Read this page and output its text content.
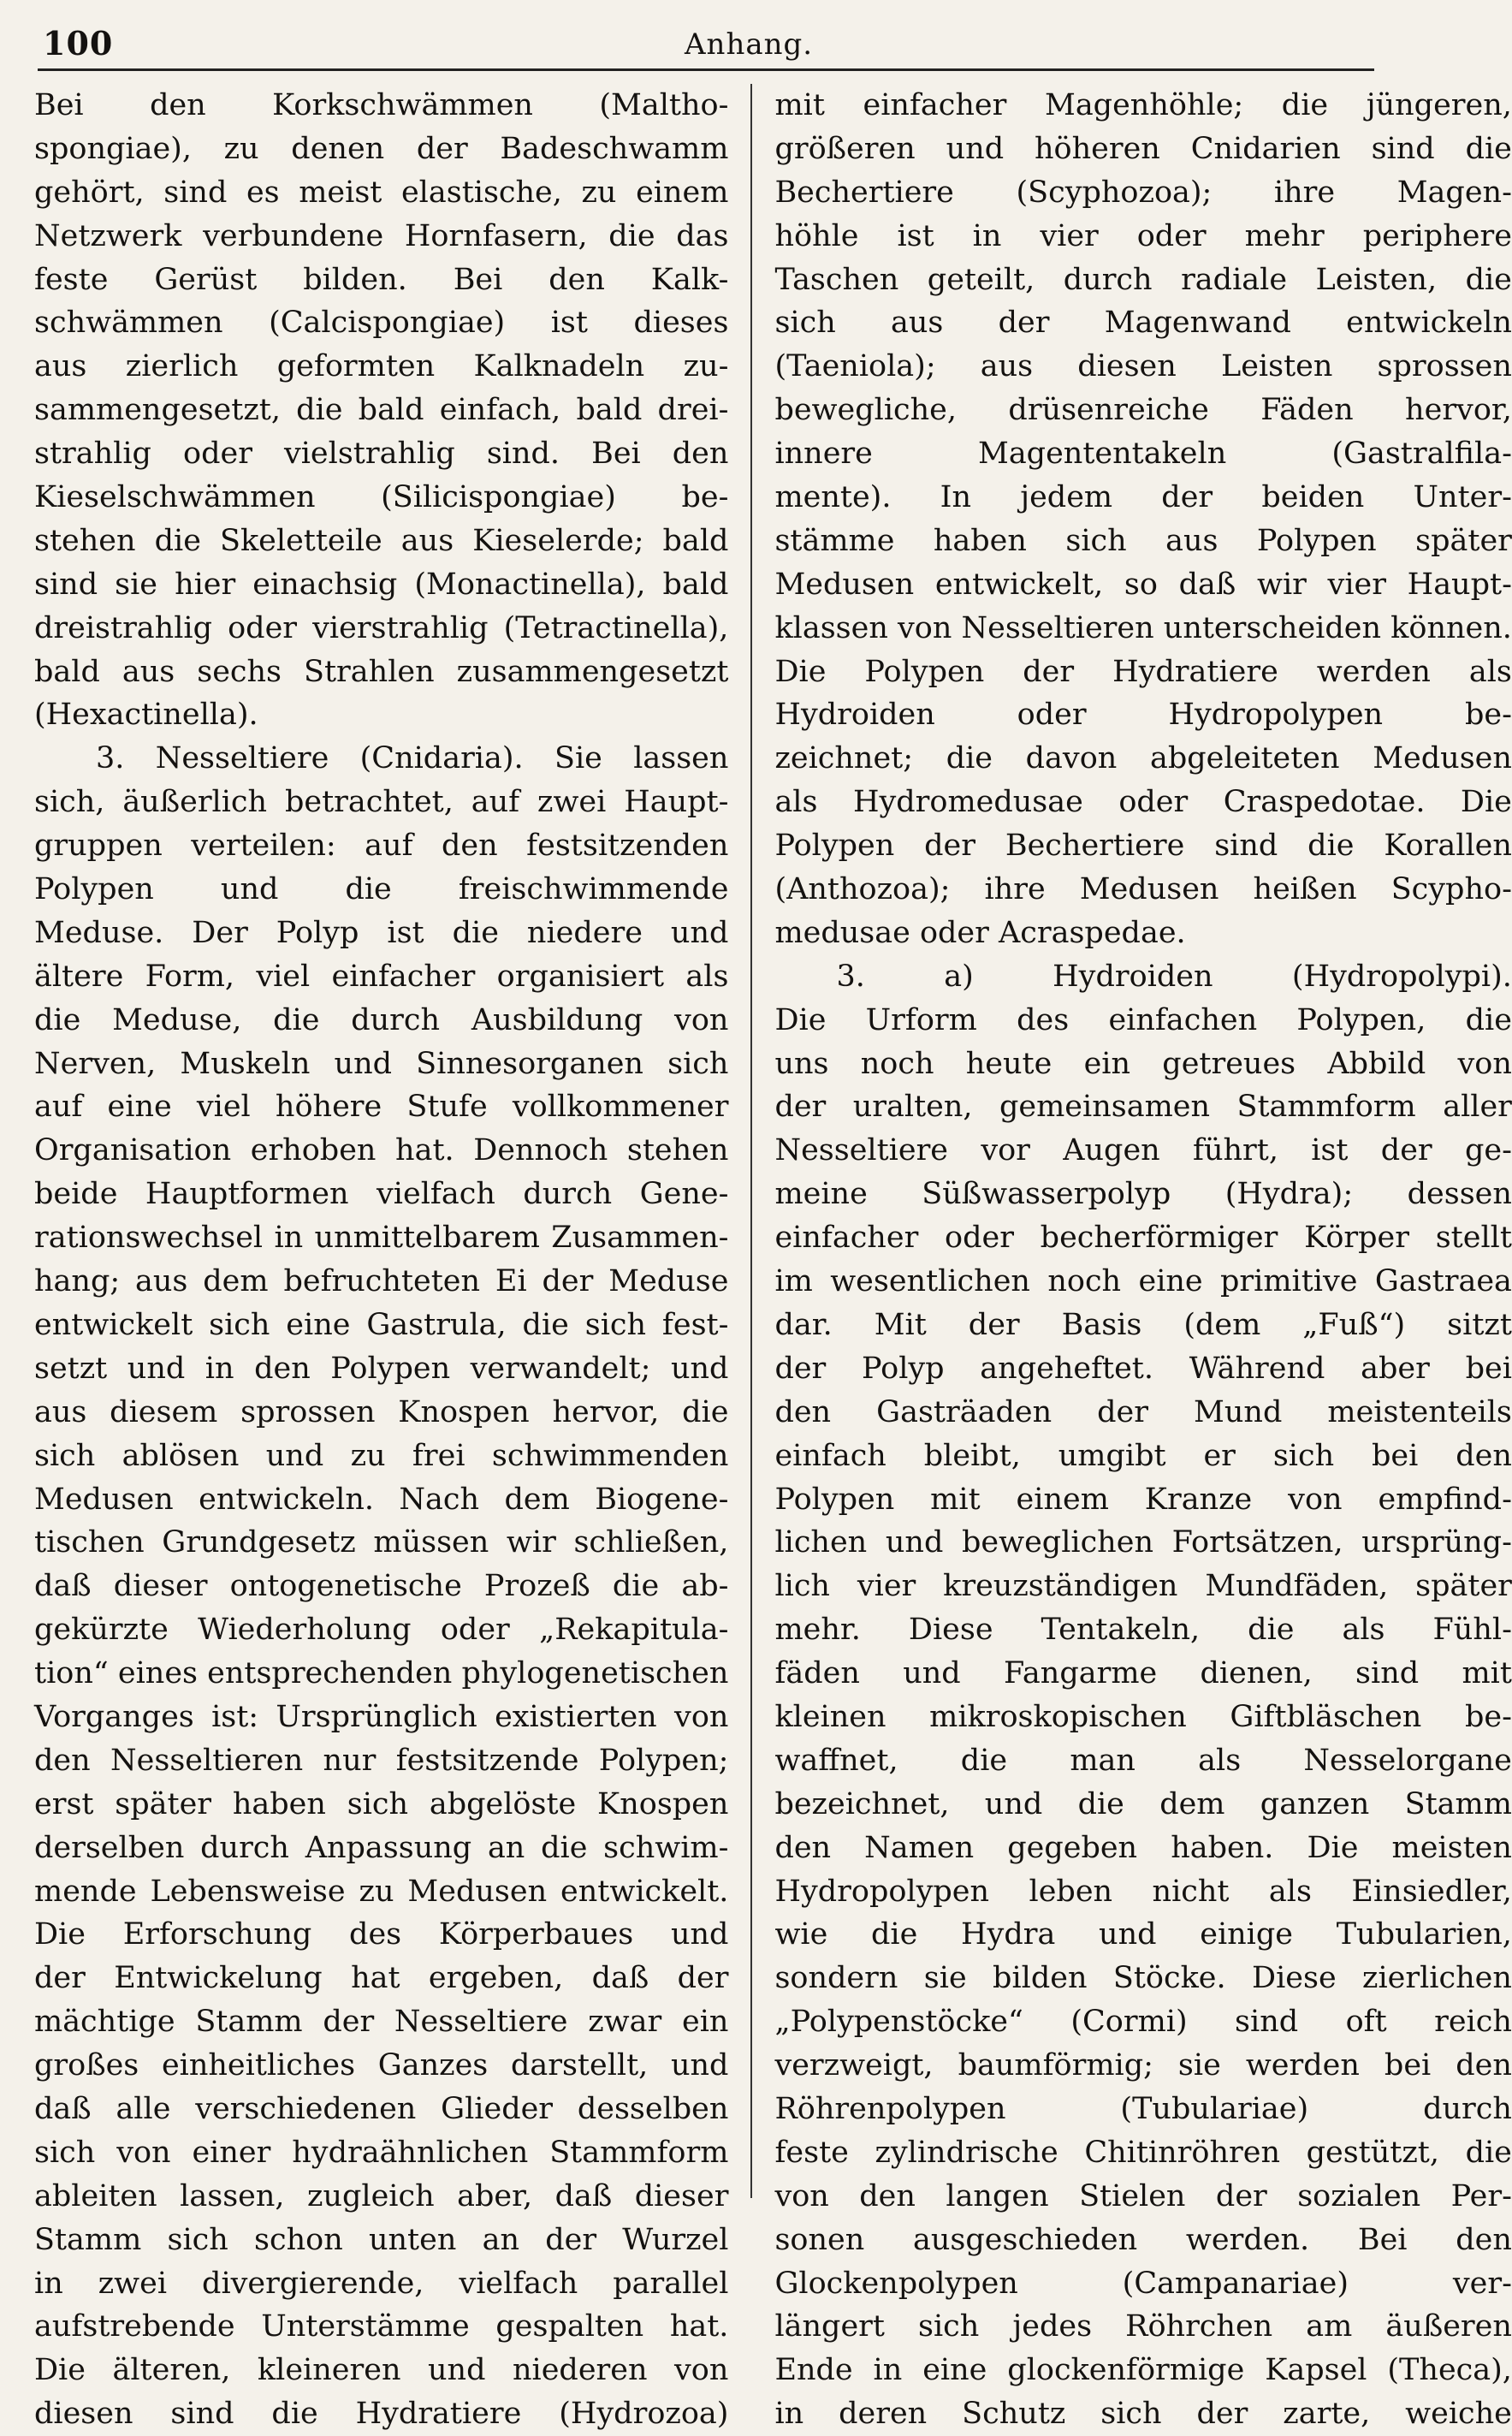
100	Anhang.
Bei den Korkschwämmen (Maltho-
spongiae), zu denen der Badeschwamm
gehört, sind es meist elastische, zu einem
Netzwerk verbundene Hornfasern, die das
feste Gerüst bilden. Bei den Kalk-
schwämmen (Calcispongiae) ist dieses
aus zierlich geformten Kalknadeln zu-
sammengesetzt, die bald einfach, bald drei-
strahlig oder vielstrahlig sind. Bei den
Kieselschwämmen (Silicispongiae) be-
stehen die Skeletteile aus Kieselerde; bald
sind sie hier einachsig (Monactinella), bald
dreistrahlig oder vierstrahlig (Tetractinella),
bald aus sechs Strahlen zusammengesetzt
(Hexactinella).
3. Nesseltiere (Cnidaria). Sie lassen
sich, äußerlich betrachtet, auf zwei Haupt-
gruppen verteilen: auf den festsitzenden
Polypen und die freischwimmende
Meduse. Der Polyp ist die niedere und
ältere Form, viel einfacher organisiert als
die Meduse, die durch Ausbildung von
Nerven, Muskeln und Sinnesorganen sich
auf eine viel höhere Stufe vollkommener
Organisation erhoben hat. Dennoch stehen
beide Hauptformen vielfach durch Gene-
rationswechsel in unmittelbarem Zusammen-
hang; aus dem befruchteten Ei der Meduse
entwickelt sich eine Gastrula, die sich fest-
setzt und in den Polypen verwandelt; und
aus diesem sprossen Knospen hervor, die
sich ablösen und zu frei schwimmenden
Medusen entwickeln. Nach dem Biogene-
tischen Grundgesetz müssen wir schließen,
daß dieser ontogenetische Prozeß die ab-
gekürzte Wiederholung oder „Rekapitula-
tion“ eines entsprechenden phylogenetischen
Vorganges ist: Ursprünglich existierten von
den Nesseltieren nur festsitzende Polypen;
erst später haben sich abgelöste Knospen
derselben durch Anpassung an die schwim-
mende Lebensweise zu Medusen entwickelt.
Die Erforschung des Körperbaues und
der Entwickelung hat ergeben, daß der
mächtige Stamm der Nesseltiere zwar ein
großes einheitliches Ganzes darstellt, und
daß alle verschiedenen Glieder desselben
sich von einer hydraähnlichen Stammform
ableiten lassen, zugleich aber, daß dieser
Stamm sich schon unten an der Wurzel
in zwei divergierende, vielfach parallel
aufstrebende Unterstämme gespalten hat.
Die älteren, kleineren und niederen von
diesen sind die Hydratiere (Hydrozoa)
mit einfacher Magenhöhle; die jüngeren,
größeren und höheren Cnidarien sind die
Bechertiere (Scyphozoa); ihre Magen-
höhle ist in vier oder mehr periphere
Taschen geteilt, durch radiale Leisten, die
sich aus der Magenwand entwickeln
(Taeniola); aus diesen Leisten sprossen
bewegliche, drüsenreiche Fäden hervor,
innere Magententakeln (Gastralfila-
mente). In jedem der beiden Unter-
stämme haben sich aus Polypen später
Medusen entwickelt, so daß wir vier Haupt-
klassen von Nesseltieren unterscheiden können.
Die Polypen der Hydratiere werden als
Hydroiden oder Hydropolypen be-
zeichnet; die davon abgeleiteten Medusen
als Hydromedusae oder Craspedotae. Die
Polypen der Bechertiere sind die Korallen
(Anthozoa); ihre Medusen heißen Scypho-
medusae oder Acraspedae.
3. a) Hydroiden (Hydropolypi).
Die Urform des einfachen Polypen, die
uns noch heute ein getreues Abbild von
der uralten, gemeinsamen Stammform aller
Nesseltiere vor Augen führt, ist der ge-
meine Süßwasserpolyp (Hydra); dessen
einfacher oder becherförmiger Körper stellt
im wesentlichen noch eine primitive Gastraea
dar. Mit der Basis (dem „Fuß“) sitzt
der Polyp angeheftet. Während aber bei
den Gasträaden der Mund meistenteils
einfach bleibt, umgibt er sich bei den
Polypen mit einem Kranze von empfind-
lichen und beweglichen Fortsätzen, ursprüng-
lich vier kreuzständigen Mundfäden, später
mehr. Diese Tentakeln, die als Fühl-
fäden und Fangarme dienen, sind mit
kleinen mikroskopischen Giftbläschen be-
waffnet, die man als Nesselorgane
bezeichnet, und die dem ganzen Stamm
den Namen gegeben haben. Die meisten
Hydropolypen leben nicht als Einsiedler,
wie die Hydra und einige Tubularien,
sondern sie bilden Stöcke. Diese zierlichen
„Polypenstöcke“ (Cormi) sind oft reich
verzweigt, baumförmig; sie werden bei den
Röhrenpolypen (Tubulariae) durch
feste zylindrische Chitinröhren gestützt, die
von den langen Stielen der sozialen Per-
sonen ausgeschieden werden. Bei den
Glockenpolypen (Campanariae) ver-
längert sich jedes Röhrchen am äußeren
Ende in eine glockenförmige Kapsel (Theca),
in deren Schutz sich der zarte, weiche
